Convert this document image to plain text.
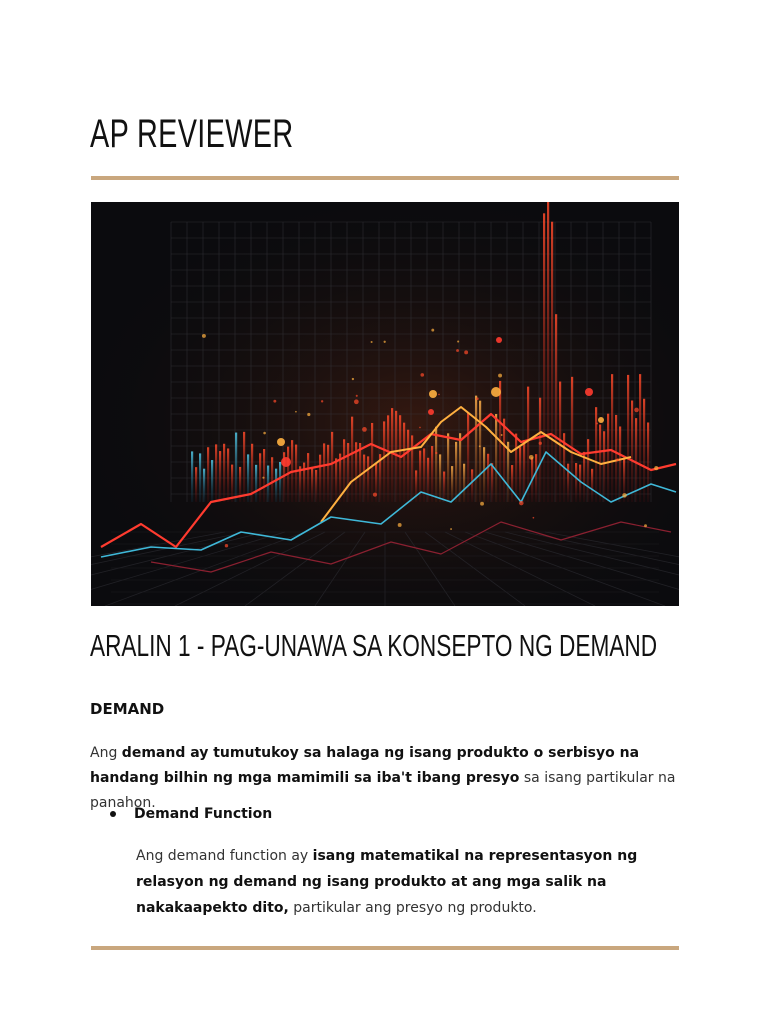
AP REVIEWER
ARALIN 1 - PAG-UNAWA SA KONSEPTO NG DEMAND
DEMAND

Ang demand ay tumutukoy sa halaga ng isang produkto o serbisyo na handang bilhin ng mga mamimili sa iba't ibang presyo sa isang partikular na panahon.

Demand Function

Ang demand function ay isang matematikal na representasyon ng relasyon ng demand ng isang produkto at ang mga salik na nakakaapekto dito, partikular ang presyo ng produkto.
